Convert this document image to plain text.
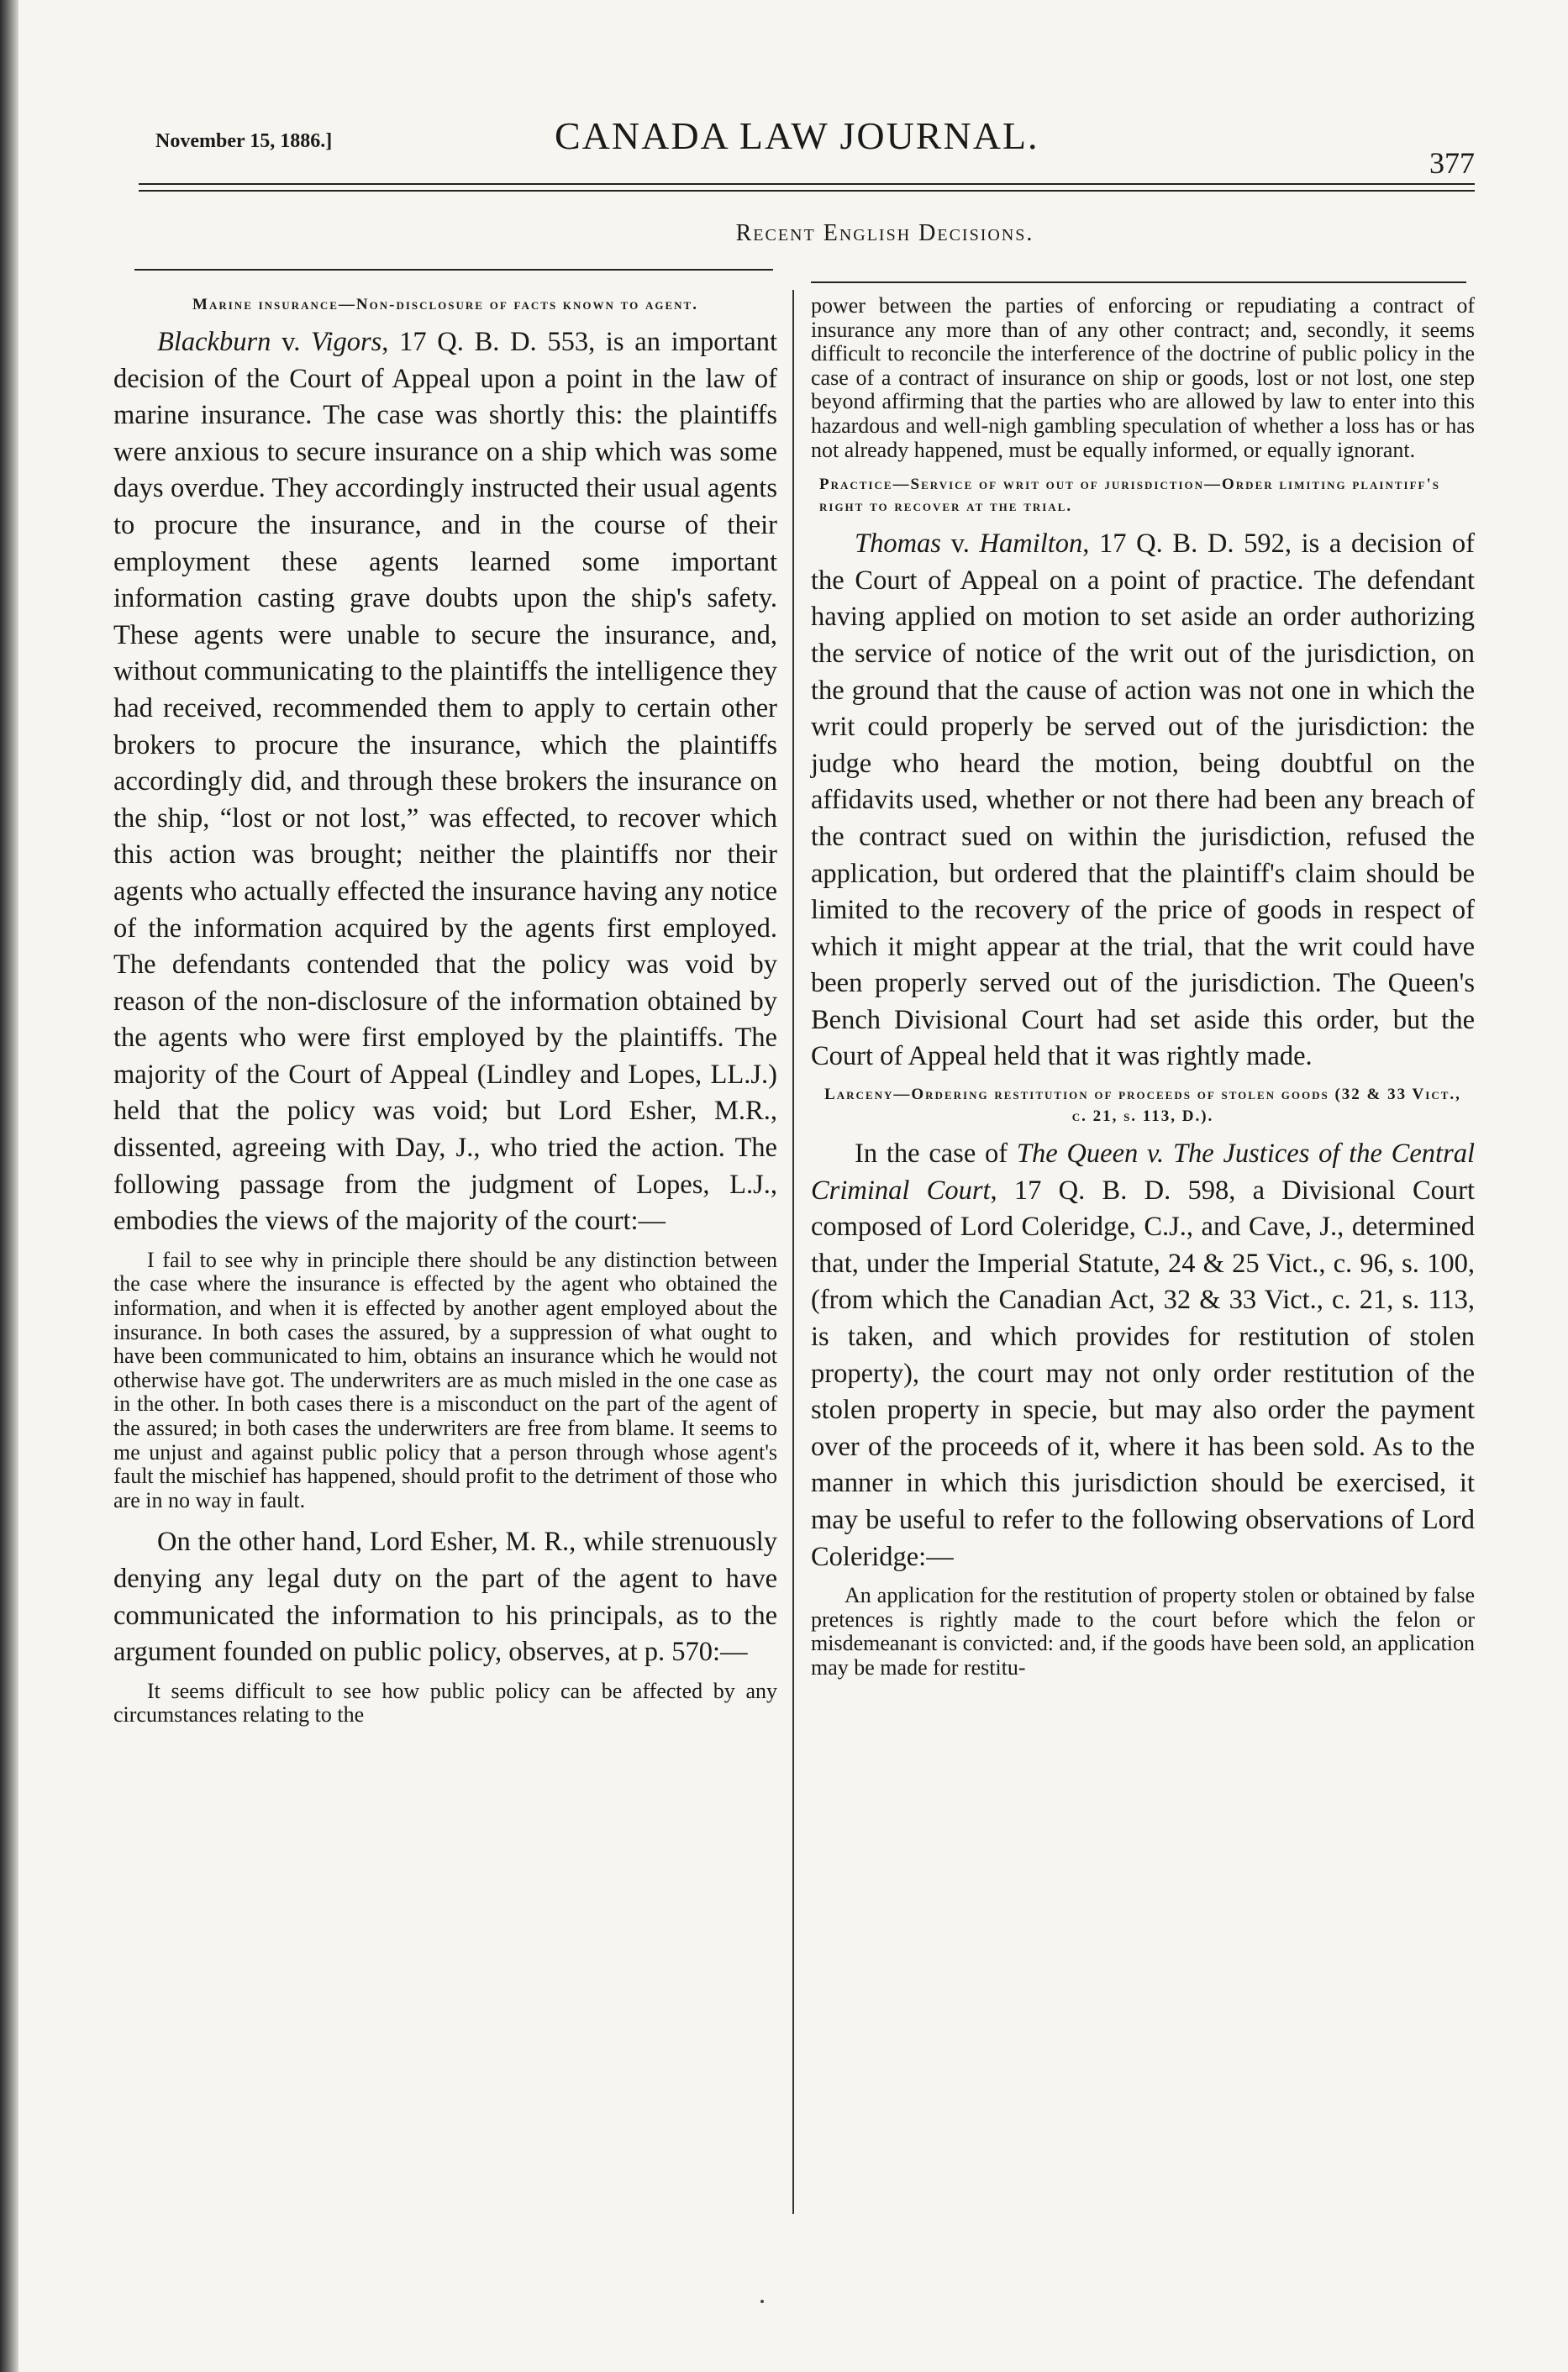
November 15, 1886.]	CANADA LAW JOURNAL.
377
Recent English Decisions.

Marine insurance—Non-disclosure of facts known to agent.

Blackburn v. Vigors, 17 Q. B. D. 553, is an important decision of the Court of Appeal upon a point in the law of marine insurance. The case was shortly this: the plaintiffs were anxious to secure insurance on a ship which was some days overdue. They accordingly instructed their usual agents to procure the insurance, and in the course of their employment these agents learned some important information casting grave doubts upon the ship's safety. These agents were unable to secure the insurance, and, without communicating to the plaintiffs the intelligence they had received, recommended them to apply to certain other brokers to procure the insurance, which the plaintiffs accordingly did, and through these brokers the insurance on the ship, “lost or not lost,” was effected, to recover which this action was brought; neither the plaintiffs nor their agents who actually effected the insurance having any notice of the information acquired by the agents first employed. The defendants contended that the policy was void by reason of the non-disclosure of the information obtained by the agents who were first employed by the plaintiffs. The majority of the Court of Appeal (Lindley and Lopes, LL.J.) held that the policy was void; but Lord Esher, M.R., dissented, agreeing with Day, J., who tried the action. The following passage from the judgment of Lopes, L.J., embodies the views of the majority of the court:—

I fail to see why in principle there should be any distinction between the case where the insurance is effected by the agent who obtained the information, and when it is effected by another agent employed about the insurance. In both cases the assured, by a suppression of what ought to have been communicated to him, obtains an insurance which he would not otherwise have got. The underwriters are as much misled in the one case as in the other. In both cases there is a misconduct on the part of the agent of the assured; in both cases the underwriters are free from blame. It seems to me unjust and against public policy that a person through whose agent's fault the mischief has happened, should profit to the detriment of those who are in no way in fault.

On the other hand, Lord Esher, M. R., while strenuously denying any legal duty on the part of the agent to have communicated the information to his principals, as to the argument founded on public policy, observes, at p. 570:—

It seems difficult to see how public policy can be affected by any circumstances relating to the

power between the parties of enforcing or repudiating a contract of insurance any more than of any other contract; and, secondly, it seems difficult to reconcile the interference of the doctrine of public policy in the case of a contract of insurance on ship or goods, lost or not lost, one step beyond affirming that the parties who are allowed by law to enter into this hazardous and well-nigh gambling speculation of whether a loss has or has not already happened, must be equally informed, or equally ignorant.

Practice—Service of writ out of jurisdiction—Order limiting plaintiff's right to recover at the trial.

Thomas v. Hamilton, 17 Q. B. D. 592, is a decision of the Court of Appeal on a point of practice. The defendant having applied on motion to set aside an order authorizing the service of notice of the writ out of the jurisdiction, on the ground that the cause of action was not one in which the writ could properly be served out of the jurisdiction: the judge who heard the motion, being doubtful on the affidavits used, whether or not there had been any breach of the contract sued on within the jurisdiction, refused the application, but ordered that the plaintiff's claim should be limited to the recovery of the price of goods in respect of which it might appear at the trial, that the writ could have been properly served out of the jurisdiction. The Queen's Bench Divisional Court had set aside this order, but the Court of Appeal held that it was rightly made.

Larceny—Ordering restitution of proceeds of stolen goods (32 & 33 Vict., c. 21, s. 113, D.).

In the case of The Queen v. The Justices of the Central Criminal Court, 17 Q. B. D. 598, a Divisional Court composed of Lord Coleridge, C.J., and Cave, J., determined that, under the Imperial Statute, 24 & 25 Vict., c. 96, s. 100, (from which the Canadian Act, 32 & 33 Vict., c. 21, s. 113, is taken, and which provides for restitution of stolen property), the court may not only order restitution of the stolen property in specie, but may also order the payment over of the proceeds of it, where it has been sold. As to the manner in which this jurisdiction should be exercised, it may be useful to refer to the following observations of Lord Coleridge:—

An application for the restitution of property stolen or obtained by false pretences is rightly made to the court before which the felon or misdemeanant is convicted: and, if the goods have been sold, an application may be made for restitu-
